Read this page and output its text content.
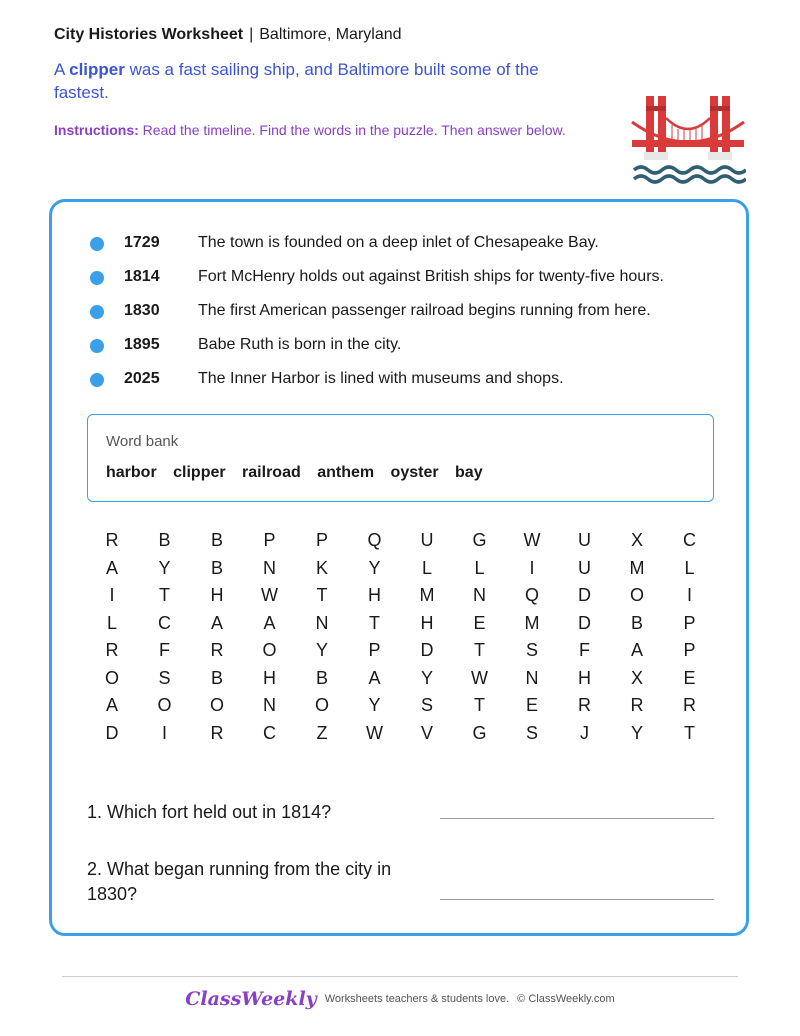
City Histories Worksheet | Baltimore, Maryland
A clipper was a fast sailing ship, and Baltimore built some of the fastest.
Instructions: Read the timeline. Find the words in the puzzle. Then answer below.
1729 The town is founded on a deep inlet of Chesapeake Bay.
1814 Fort McHenry holds out against British ships for twenty-five hours.
1830 The first American passenger railroad begins running from here.
1895 Babe Ruth is born in the city.
2025 The Inner Harbor is lined with museums and shops.
Word bank
harbor clipper railroad anthem oyster bay
R	B	B	P	P	Q	U	G	W	U	X	C
A	Y	B	N	K	Y	L	L	I	U	M	L
I	T	H	W	T	H	M	N	Q	D	O	I
L	C	A	A	N	T	H	E	M	D	B	P
R	F	R	O	Y	P	D	T	S	F	A	P
O	S	B	H	B	A	Y	W	N	H	X	E
A	O	O	N	O	Y	S	T	E	R	R	R
D	I	R	C	Z	W	V	G	S	J	Y	T
1. Which fort held out in 1814?
2. What began running from the city in 1830?
ClassWeekly Worksheets teachers & students love. © ClassWeekly.com
